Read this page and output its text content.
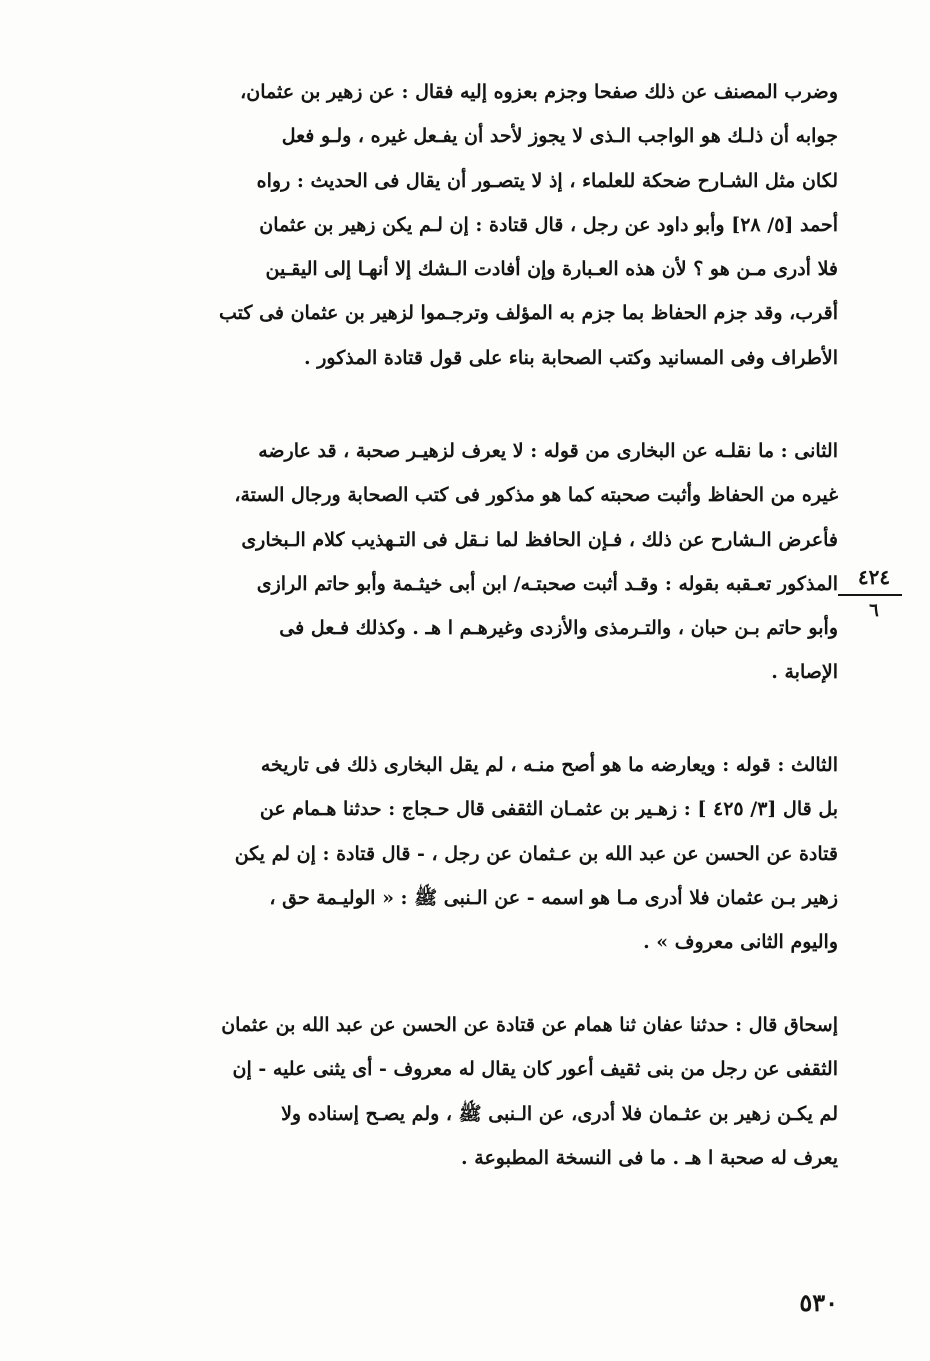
وضرب المصنف عن ذلك صفحا وجزم بعزوه إليه فقال : عن زهير بن عثمان،
جوابه أن ذلـك هو الواجب الـذى لا يجوز لأحد أن يفـعل غيره ، ولـو فعل
لكان مثل الشـارح ضحكة للعلماء ، إذ لا يتصـور أن يقال فى الحديث : رواه
أحمد [٥/ ٢٨] وأبو داود عن رجل ، قال قتادة : إن لـم يكن زهير بن عثمان
فلا أدرى مـن هو ؟ لأن هذه العـبارة وإن أفادت الـشك إلا أنهـا إلى اليقـين
أقرب، وقد جزم الحفاظ بما جزم به المؤلف وترجـموا لزهير بن عثمان فى كتب
الأطراف وفى المسانيد وكتب الصحابة بناء على قول قتادة المذكور .
الثانى : ما نقلـه عن البخارى من قوله : لا يعرف لزهيـر صحبة ، قد عارضه
غيره من الحفاظ وأثبت صحبته كما هو مذكور فى كتب الصحابة ورجال الستة،
فأعرض الـشارح عن ذلك ، فـإن الحافظ لما نـقل فى التـهذيب كلام الـبخارى
المذكور تعـقبه بقوله : وقـد أثبت صحبتـه/ ابن أبى خيثـمة وأبو حاتم الرازى
وأبو حاتم بـن حبان ، والتـرمذى والأزدى وغيرهـم ا هـ . وكذلك فـعل فى
الإصابة .
٤٢٤
٦
الثالث : قوله : ويعارضه ما هو أصح منـه ، لم يقل البخارى ذلك فى تاريخه
بل قال [٣/ ٤٢٥ ] : زهـير بن عثمـان الثقفى قال حـجاج : حدثنا هـمام عن
قتادة عن الحسن عن عبد الله بن عـثمان عن رجل ، - قال قتادة : إن لم يكن
زهير بـن عثمان فلا أدرى مـا هو اسمه - عن الـنبى ﷺ : « الوليـمة حق ،
واليوم الثانى معروف » .
إسحاق قال : حدثنا عفان ثنا همام عن قتادة عن الحسن عن عبد الله بن عثمان
الثقفى عن رجل من بنى ثقيف أعور كان يقال له معروف - أى يثنى عليه - إن
لم يكـن زهير بن عثـمان فلا أدرى، عن الـنبى ﷺ ، ولم يصـح إسناده ولا
يعرف له صحبة ا هـ . ما فى النسخة المطبوعة .
٥٣٠
